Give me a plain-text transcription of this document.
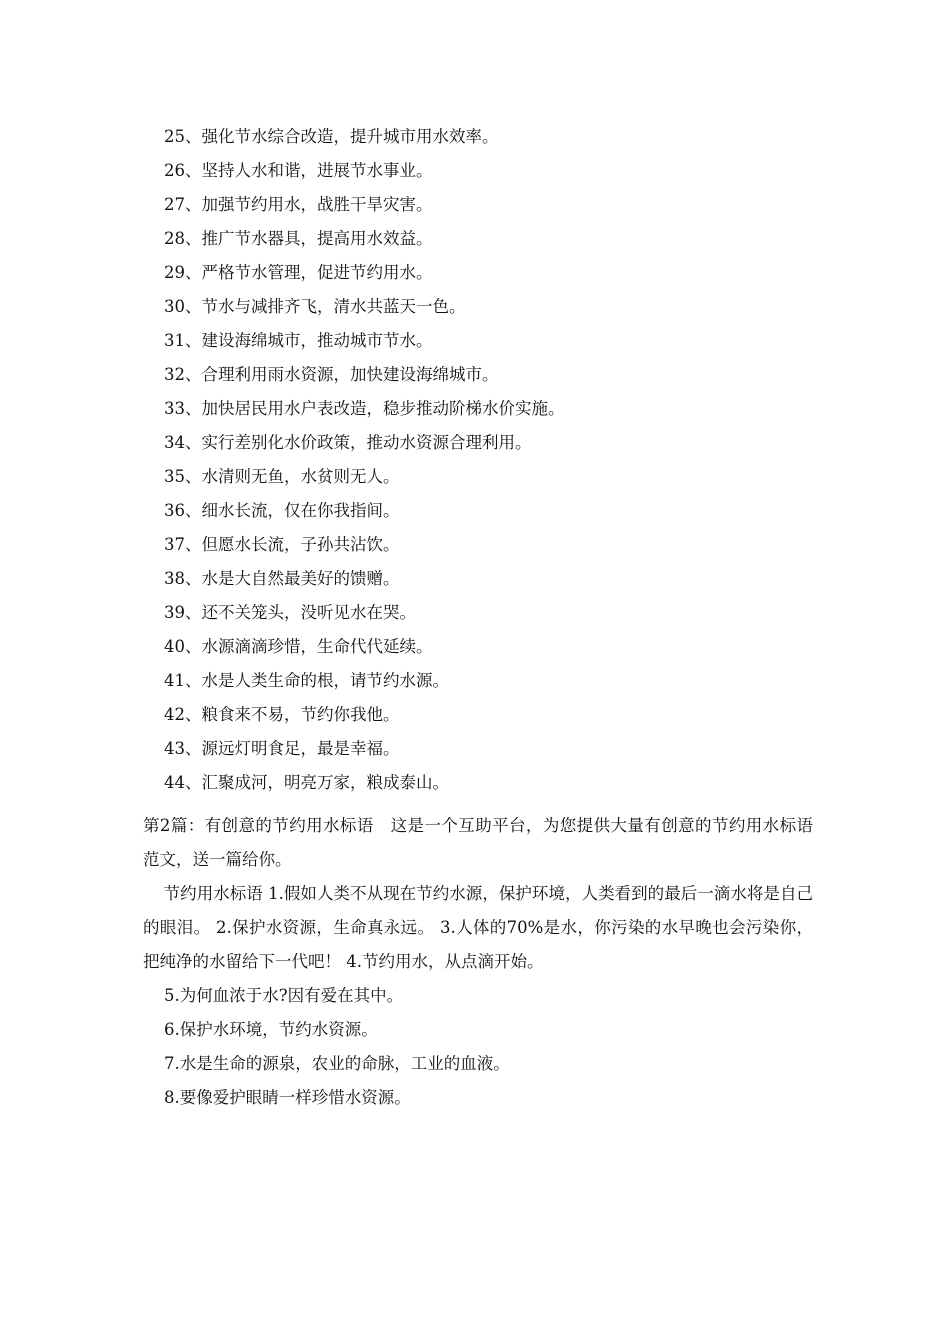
25、强化节水综合改造，提升城市用水效率。
26、坚持人水和谐，进展节水事业。
27、加强节约用水，战胜干旱灾害。
28、推广节水器具，提高用水效益。
29、严格节水管理，促进节约用水。
30、节水与减排齐飞，清水共蓝天一色。
31、建设海绵城市，推动城市节水。
32、合理利用雨水资源，加快建设海绵城市。
33、加快居民用水户表改造，稳步推动阶梯水价实施。
34、实行差别化水价政策，推动水资源合理利用。
35、水清则无鱼，水贫则无人。
36、细水长流，仅在你我指间。
37、但愿水长流，子孙共沾饮。
38、水是大自然最美好的馈赠。
39、还不关笼头，没听见水在哭。
40、水源滴滴珍惜，生命代代延续。
41、水是人类生命的根，请节约水源。
42、粮食来不易，节约你我他。
43、源远灯明食足，最是幸福。
44、汇聚成河，明亮万家，粮成泰山。

第2篇：有创意的节约用水标语　这是一个互助平台，为您提供大量有创意的节约用水标语范文，送一篇给你。

节约用水标语 1.假如人类不从现在节约水源，保护环境，人类看到的最后一滴水将是自己的眼泪。 2.保护水资源，生命真永远。 3.人体的70%是水，你污染的水早晚也会污染你，把纯净的水留给下一代吧！ 4.节约用水，从点滴开始。

5.为何血浓于水?因有爱在其中。
6.保护水环境，节约水资源。
7.水是生命的源泉，农业的命脉，工业的血液。
8.要像爱护眼睛一样珍惜水资源。
